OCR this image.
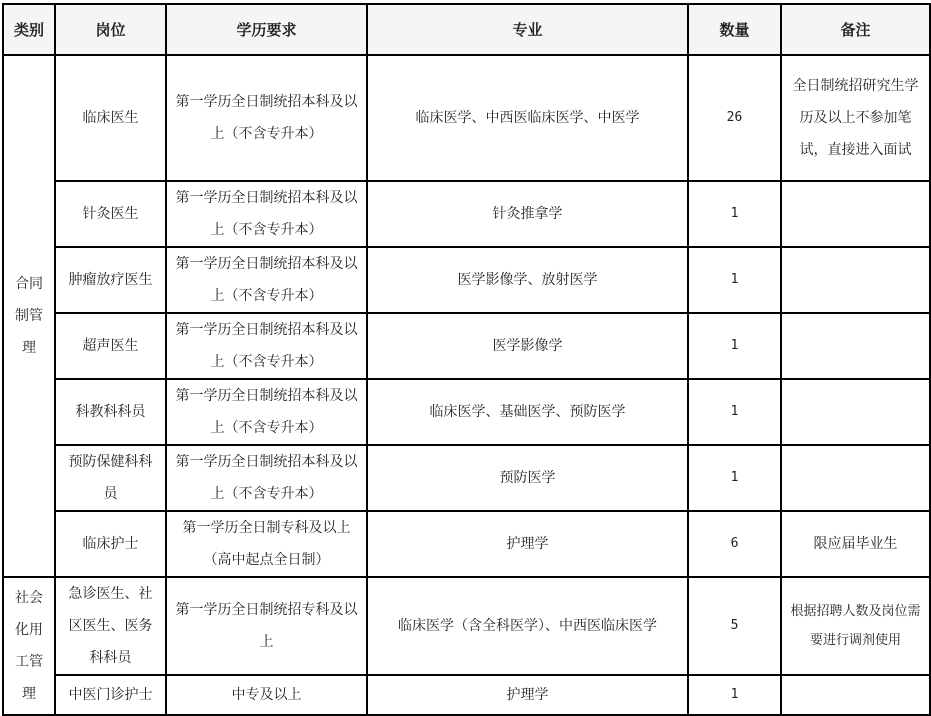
类别	岗位	学历要求	专业	数量	备注
合同制管理	临床医生	第一学历全日制统招本科及以上（不含专升本）	临床医学、中西医临床医学、中医学	26	全日制统招研究生学历及以上不参加笔试，直接进入面试
	针灸医生	第一学历全日制统招本科及以上（不含专升本）	针灸推拿学	1	
	肿瘤放疗医生	第一学历全日制统招本科及以上（不含专升本）	医学影像学、放射医学	1	
	超声医生	第一学历全日制统招本科及以上（不含专升本）	医学影像学	1	
	科教科科员	第一学历全日制统招本科及以上（不含专升本）	临床医学、基础医学、预防医学	1	
	预防保健科科员	第一学历全日制统招本科及以上（不含专升本）	预防医学	1	
	临床护士	第一学历全日制专科及以上（高中起点全日制）	护理学	6	限应届毕业生
社会化用工管理	急诊医生、社区医生、医务科科员	第一学历全日制统招专科及以上	临床医学（含全科医学）、中西医临床医学	5	根据招聘人数及岗位需要进行调剂使用
	中医门诊护士	中专及以上	护理学	1	
